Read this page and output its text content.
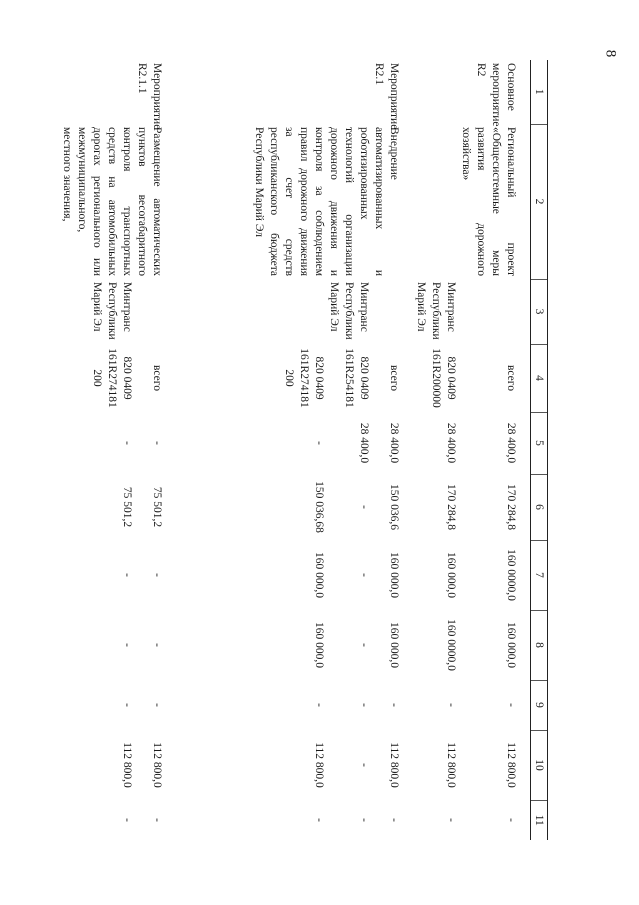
8
1	2	3	4	5	6	7	8	9	10	11

Основное мероприятие R2	Региональный проект «Общесистемные меры развития дорожного хозяйства»		всего	28 400,0	170 284,8	160 0000,0	160 000,0	-	112 800,0	-
		Минтранс Республики Марий Эл	820 0409 161R200000	28 400,0	170 284,8	160 000,0	160 0000,0	-	112 800,0	-

Мероприятие R2.1	Внедрение автоматизированных и роботизированных технологий организации дорожного движения и контроля за соблюдением правил дорожного движения за счет средств республиканского бюджета Республики Марий Эл		всего	28 400,0	150 036,6	160 000,0	160 000,0	-	112 800,0	-
		Минтранс Республики Марий Эл	820 0409 161R254181	28 400,0	-	-	-	-	-	-
			820 0409 161R274181 200	-	150 036,68	160 000,0	160 000,0	-	112 800,0	-

Мероприятие R2.1.1	Размещение автоматических пунктов весогабаритного контроля транспортных средств на автомобильных дорогах регионального или межмуниципального, местного значения,		всего	-	75 501,2	-	-	-	112 800,0	-
		Минтранс Республики Марий Эл	820 0409 161R274181 200	-	75 501,2	-	-	-	112 800,0	-
